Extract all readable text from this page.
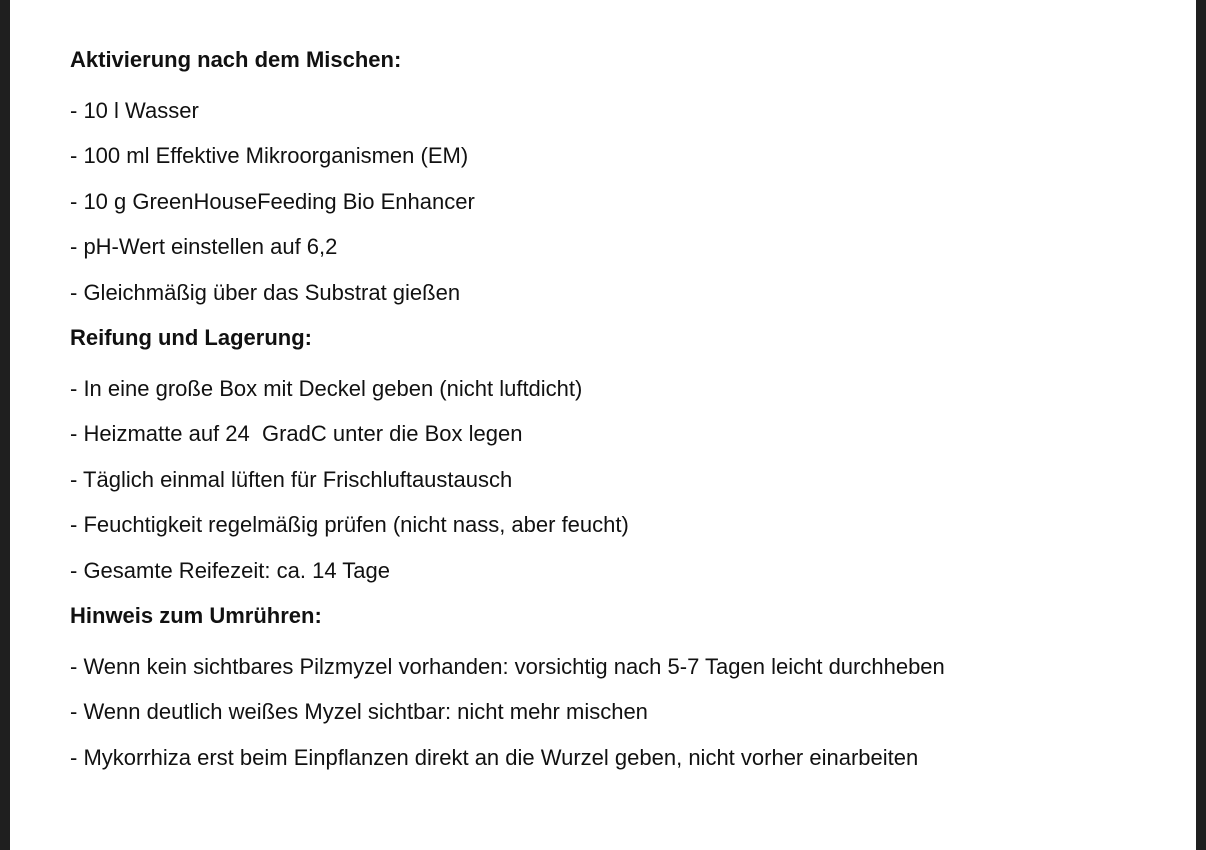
Aktivierung nach dem Mischen:
- 10 l Wasser
- 100 ml Effektive Mikroorganismen (EM)
- 10 g GreenHouseFeeding Bio Enhancer
- pH-Wert einstellen auf 6,2
- Gleichmäßig über das Substrat gießen
Reifung und Lagerung:
- In eine große Box mit Deckel geben (nicht luftdicht)
- Heizmatte auf 24  GradC unter die Box legen
- Täglich einmal lüften für Frischluftaustausch
- Feuchtigkeit regelmäßig prüfen (nicht nass, aber feucht)
- Gesamte Reifezeit: ca. 14 Tage
Hinweis zum Umrühren:
- Wenn kein sichtbares Pilzmyzel vorhanden: vorsichtig nach 5-7 Tagen leicht durchheben
- Wenn deutlich weißes Myzel sichtbar: nicht mehr mischen
- Mykorrhiza erst beim Einpflanzen direkt an die Wurzel geben, nicht vorher einarbeiten
